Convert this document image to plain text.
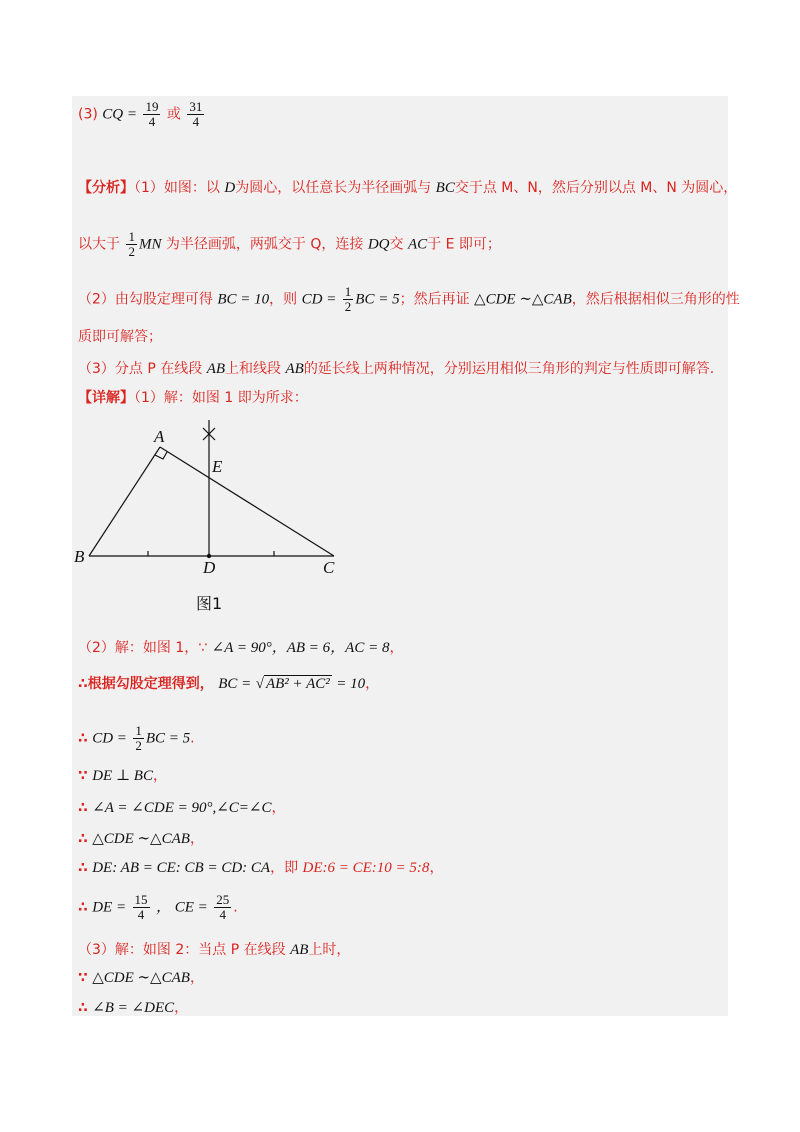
(3) CQ = $\frac{19}{4}$ 或 $\frac{31}{4}$
【分析】（1）如图：以 D为圆心，以任意长为半径画弧与 BC交于点 M、N，然后分别以点 M、N 为圆心，
以大于 $\frac{1}{2}$ MN 为半径画弧，两弧交于 Q，连接 DQ交 AC于 E 即可；
（2）由勾股定理可得 BC = 10，则 CD = $\frac{1}{2}$ BC = 5；然后再证 △CDE ∼△CAB，然后根据相似三角形的性
质即可解答；
（3）分点 P 在线段 AB上和线段 AB的延长线上两种情况，分别运用相似三角形的判定与性质即可解答.
【详解】（1）解：如图 1 即为所求：
A
B
C
D
E
图1
（2）解：如图 1，∵ ∠A = 90°，AB = 6，AC = 8，
∴根据勾股定理得到， BC = √ AB² + AC² = 10，
∴ CD = $\frac{1}{2}$ BC = 5.
∵ DE ⊥ BC，
∴ ∠A = ∠CDE = 90°,∠C=∠C，
∴ △CDE ∼△CAB，
∴ DE: AB = CE: CB = CD: CA，即 DE:6 = CE:10 = 5:8，
∴ DE = $\frac{15}{4}$ ， CE = $\frac{25}{4}$ .
（3）解：如图 2：当点 P 在线段 AB上时，
∵ △CDE ∼△CAB，
∴ ∠B = ∠DEC，
